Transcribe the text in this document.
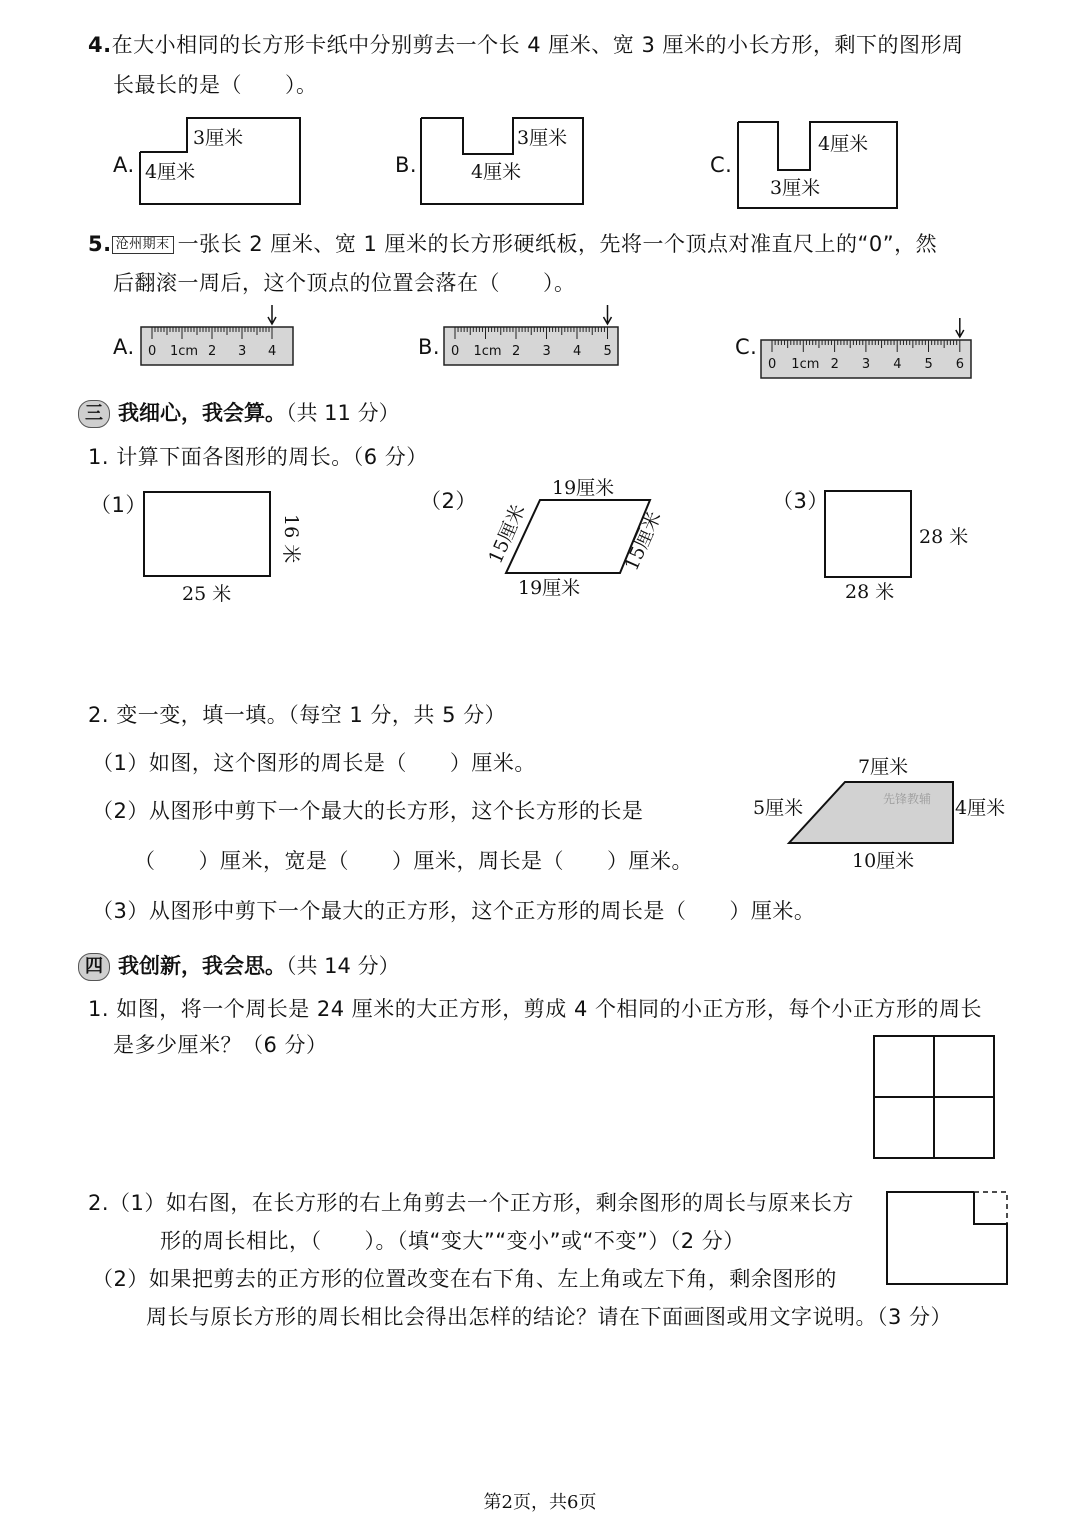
4.在大小相同的长方形卡纸中分别剪去一个长 4 厘米、宽 3 厘米的小长方形，剩下的图形周
长最长的是（　　）。
A.
3厘米
4厘米	B.
3厘米
4厘米	C.
4厘米
3厘米
5. 沧州期末 一张长 2 厘米、宽 1 厘米的长方形硬纸板，先将一个顶点对准直尺上的“0”，然
后翻滚一周后，这个顶点的位置会落在（　　）。
A. 0 1cm 2 3 4	B. 0 1cm 2 3 4 5	C.
0 1cm 2 3 4 5 6
三 我细心，我会算。（共 11 分）
1. 计算下面各图形的周长。（6 分）
（1）
16 米
25 米
（2）
19厘米
19厘米
15厘米	15厘米
（3）
28 米
28 米
2. 变一变，填一填。（每空 1 分，共 5 分）
（1）如图，这个图形的周长是（　　）厘米。
（2）从图形中剪下一个最大的长方形，这个长方形的长是
（　　）厘米，宽是（　　）厘米，周长是（　　）厘米。
（3）从图形中剪下一个最大的正方形，这个正方形的周长是（　　）厘米。
7厘米
5厘米	4厘米
10厘米
先锋教辅
四 我创新，我会思。（共 14 分）
1. 如图，将一个周长是 24 厘米的大正方形，剪成 4 个相同的小正方形，每个小正方形的周长
是多少厘米？（6 分）
2.（1）如右图，在长方形的右上角剪去一个正方形，剩余图形的周长与原来长方
形的周长相比，（　　）。（填“变大”“变小”或“不变”）（2 分）
（2）如果把剪去的正方形的位置改变在右下角、左上角或左下角，剩余图形的
周长与原长方形的周长相比会得出怎样的结论？请在下面画图或用文字说明。（3 分）
第2页，共6页
